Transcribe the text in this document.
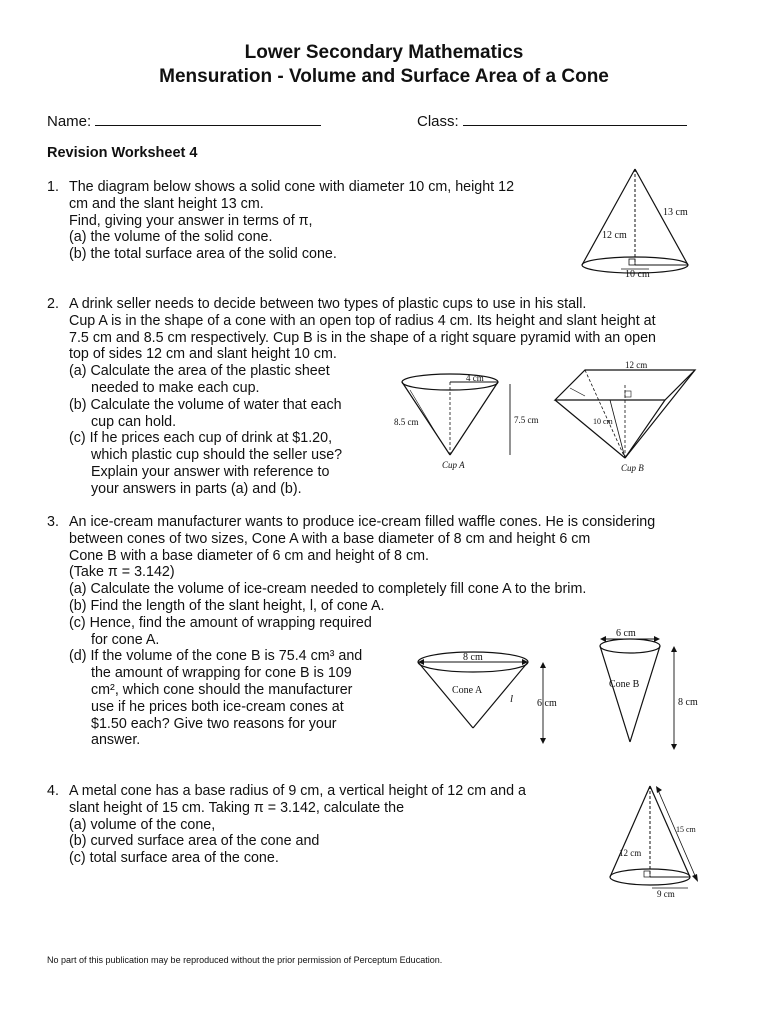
Lower Secondary Mathematics
Mensuration - Volume and Surface Area of a Cone
Name:	Class:
Revision Worksheet 4
1. The diagram below shows a solid cone with diameter 10 cm, height 12
cm and the slant height 13 cm.
Find, giving your answer in terms of π,
(a) the volume of the solid cone.
(b) the total surface area of the solid cone.
13 cm
12 cm
10 cm
2. A drink seller needs to decide between two types of plastic cups to use in his stall.
Cup A is in the shape of a cone with an open top of radius 4 cm. Its height and slant height at
7.5 cm and 8.5 cm respectively. Cup B is in the shape of a right square pyramid with an open
top of sides 12 cm and slant height 10 cm.
(a) Calculate the area of the plastic sheet
needed to make each cup.
(b) Calculate the volume of water that each
cup can hold.
(c) If he prices each cup of drink at $1.20,
which plastic cup should the seller use?
Explain your answer with reference to
your answers in parts (a) and (b).
4 cm
8.5 cm	7.5 cm
Cup A
12 cm
10 cm
Cup B
3. An ice-cream manufacturer wants to produce ice-cream filled waffle cones. He is considering
between cones of two sizes, Cone A with a base diameter of 8 cm and height 6 cm
Cone B with a base diameter of 6 cm and height of 8 cm.
(Take π = 3.142)
(a) Calculate the volume of ice-cream needed to completely fill cone A to the brim.
(b) Find the length of the slant height, l, of cone A.
(c) Hence, find the amount of wrapping required
for cone A.
(d) If the volume of the cone B is 75.4 cm³ and
the amount of wrapping for cone B is 109
cm², which cone should the manufacturer
use if he prices both ice-cream cones at
$1.50 each? Give two reasons for your
answer.
8 cm
Cone A
l 6 cm
6 cm
Cone B
8 cm
4. A metal cone has a base radius of 9 cm, a vertical height of 12 cm and a
slant height of 15 cm. Taking π = 3.142, calculate the
(a) volume of the cone,
(b) curved surface area of the cone and
(c) total surface area of the cone.
15 cm
12 cm
9 cm
No part of this publication may be reproduced without the prior permission of Perceptum Education.
